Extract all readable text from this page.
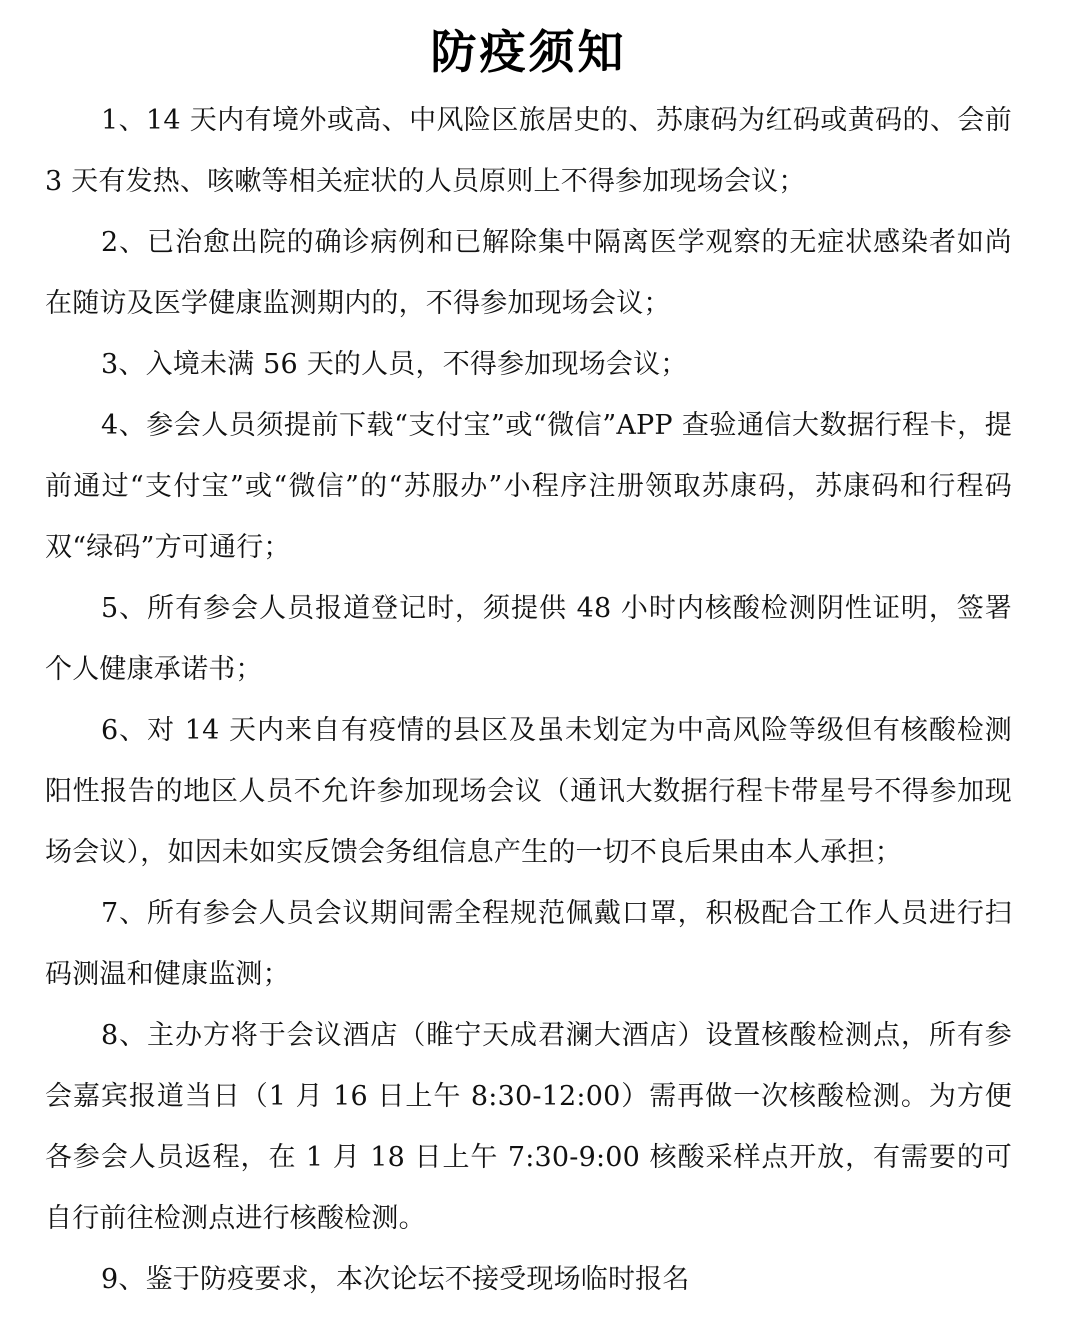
防疫须知
1、14 天内有境外或高、中风险区旅居史的、苏康码为红码或黄码的、会前 3 天有发热、咳嗽等相关症状的人员原则上不得参加现场会议；
2、已治愈出院的确诊病例和已解除集中隔离医学观察的无症状感染者如尚在随访及医学健康监测期内的，不得参加现场会议；
3、入境未满 56 天的人员，不得参加现场会议；
4、参会人员须提前下载“支付宝”或“微信”APP 查验通信大数据行程卡，提前通过“支付宝”或“微信”的“苏服办”小程序注册领取苏康码，苏康码和行程码双“绿码”方可通行；
5、所有参会人员报道登记时，须提供 48 小时内核酸检测阴性证明，签署个人健康承诺书；
6、对 14 天内来自有疫情的县区及虽未划定为中高风险等级但有核酸检测阳性报告的地区人员不允许参加现场会议（通讯大数据行程卡带星号不得参加现场会议），如因未如实反馈会务组信息产生的一切不良后果由本人承担；
7、所有参会人员会议期间需全程规范佩戴口罩，积极配合工作人员进行扫码测温和健康监测；
8、主办方将于会议酒店（睢宁天成君澜大酒店）设置核酸检测点，所有参会嘉宾报道当日（1 月 16 日上午 8:30-12:00）需再做一次核酸检测。为方便各参会人员返程，在 1 月 18 日上午 7:30-9:00 核酸采样点开放，有需要的可自行前往检测点进行核酸检测。
9、鉴于防疫要求，本次论坛不接受现场临时报名
